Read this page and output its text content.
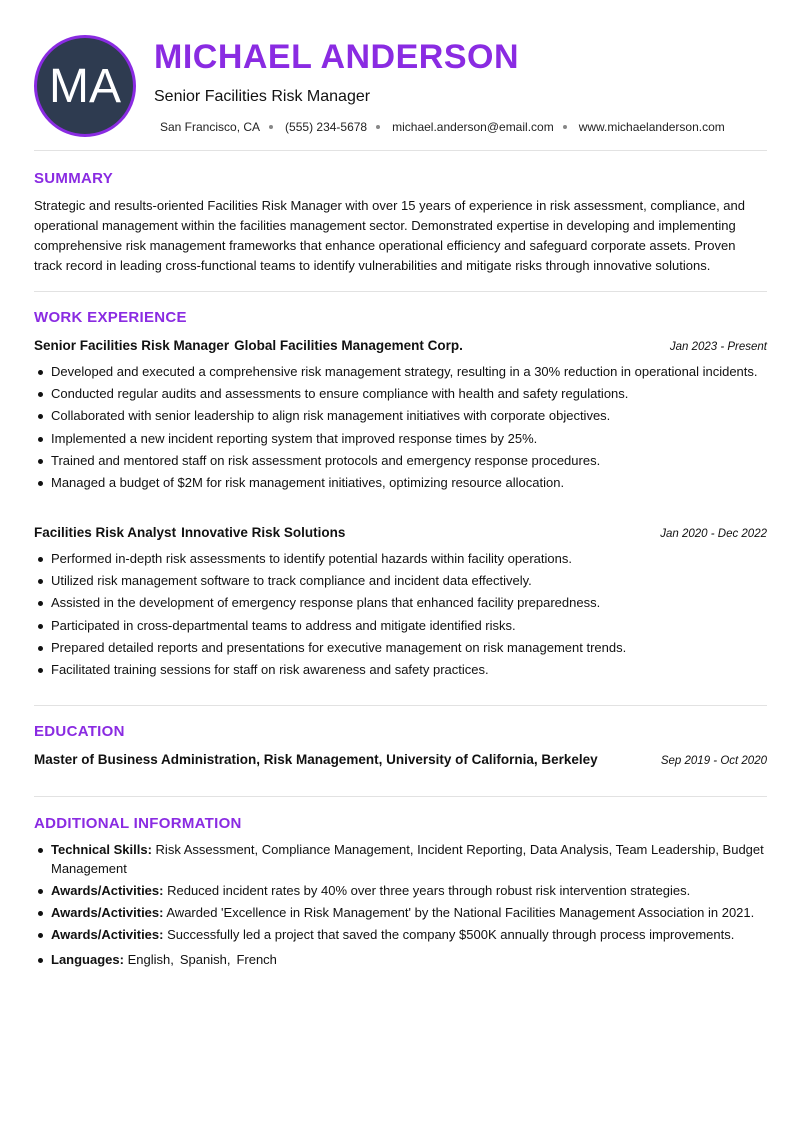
MA
MICHAEL ANDERSON
Senior Facilities Risk Manager
San Francisco, CA (555) 234-5678 michael.anderson@email.com www.michaelanderson.com
SUMMARY

Strategic and results-oriented Facilities Risk Manager with over 15 years of experience in risk assessment, compliance, and operational management within the facilities management sector. Demonstrated expertise in developing and implementing comprehensive risk management frameworks that enhance operational efficiency and safeguard corporate assets. Proven track record in leading cross-functional teams to identify vulnerabilities and mitigate risks through innovative solutions.

WORK EXPERIENCE
Senior Facilities Risk Manager Global Facilities Management Corp.	Jan 2023 - Present
Developed and executed a comprehensive risk management strategy, resulting in a 30% reduction in operational incidents.
Conducted regular audits and assessments to ensure compliance with health and safety regulations.
Collaborated with senior leadership to align risk management initiatives with corporate objectives.
Implemented a new incident reporting system that improved response times by 25%.
Trained and mentored staff on risk assessment protocols and emergency response procedures.
Managed a budget of $2M for risk management initiatives, optimizing resource allocation.
Facilities Risk Analyst Innovative Risk Solutions	Jan 2020 - Dec 2022
Performed in-depth risk assessments to identify potential hazards within facility operations.
Utilized risk management software to track compliance and incident data effectively.
Assisted in the development of emergency response plans that enhanced facility preparedness.
Participated in cross-departmental teams to address and mitigate identified risks.
Prepared detailed reports and presentations for executive management on risk management trends.
Facilitated training sessions for staff on risk awareness and safety practices.
EDUCATION
Master of Business Administration, Risk Management, University of California, Berkeley	Sep 2019 - Oct 2020
ADDITIONAL INFORMATION
Technical Skills: Risk Assessment, Compliance Management, Incident Reporting, Data Analysis, Team Leadership, Budget Management
Awards/Activities: Reduced incident rates by 40% over three years through robust risk intervention strategies.
Awards/Activities: Awarded 'Excellence in Risk Management' by the National Facilities Management Association in 2021.
Awards/Activities: Successfully led a project that saved the company $500K annually through process improvements.
Languages: English, Spanish, French
